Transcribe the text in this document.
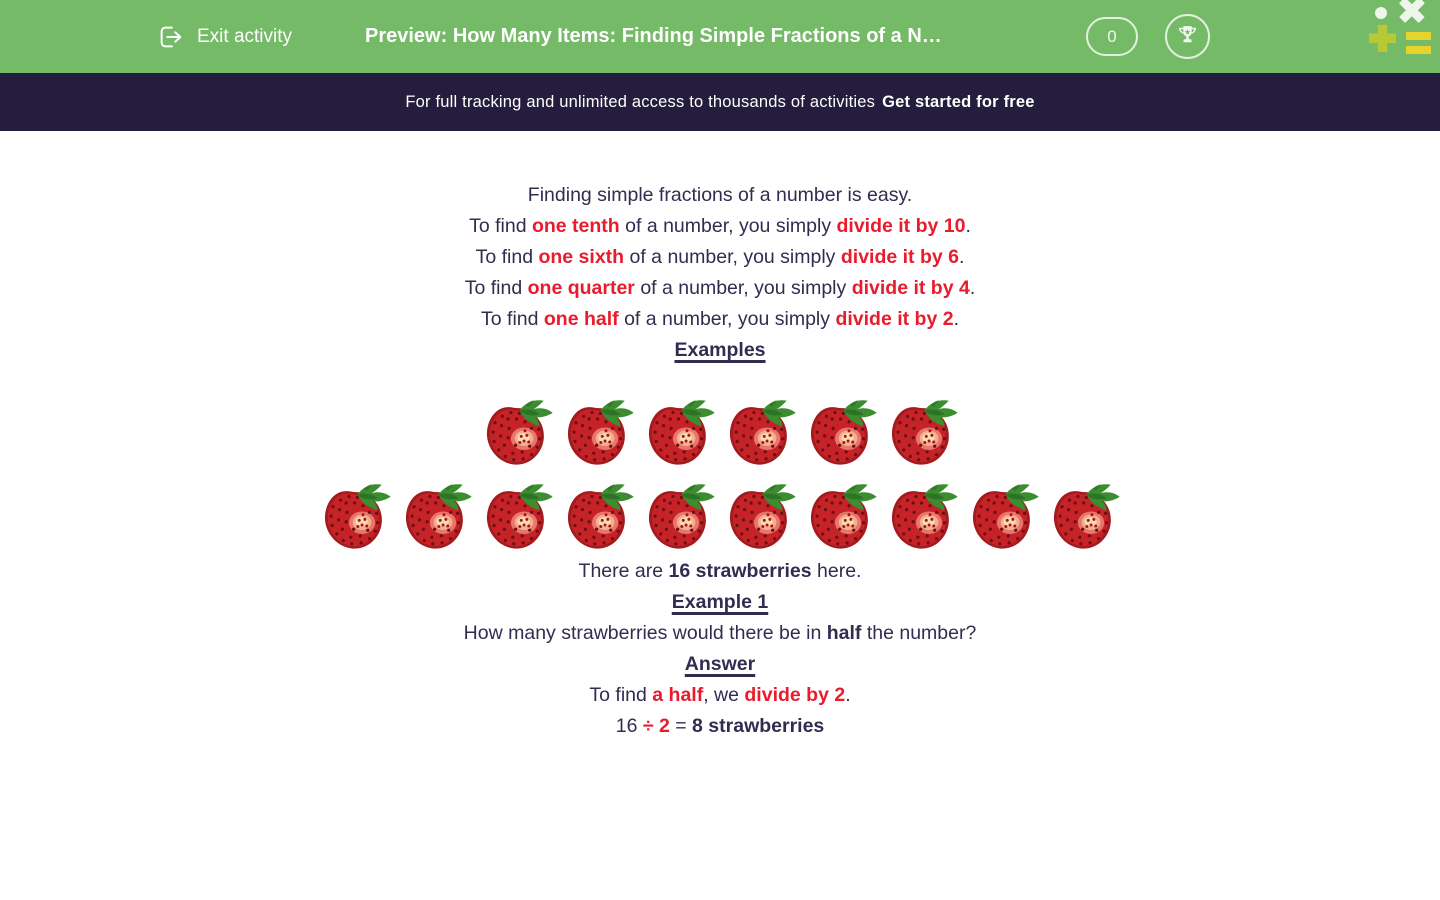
Exit activity	Preview: How Many Items: Finding Simple Fractions of a N…	0
For full tracking and unlimited access to thousands of activities Get started for free

Finding simple fractions of a number is easy.

To find one tenth of a number, you simply divide it by 10.

To find one sixth of a number, you simply divide it by 6.

To find one quarter of a number, you simply divide it by 4.

To find one half of a number, you simply divide it by 2.

Examples

There are 16 strawberries here.

Example 1

How many strawberries would there be in half the number?

Answer

To find a half, we divide by 2.

16 ÷ 2 = 8 strawberries
